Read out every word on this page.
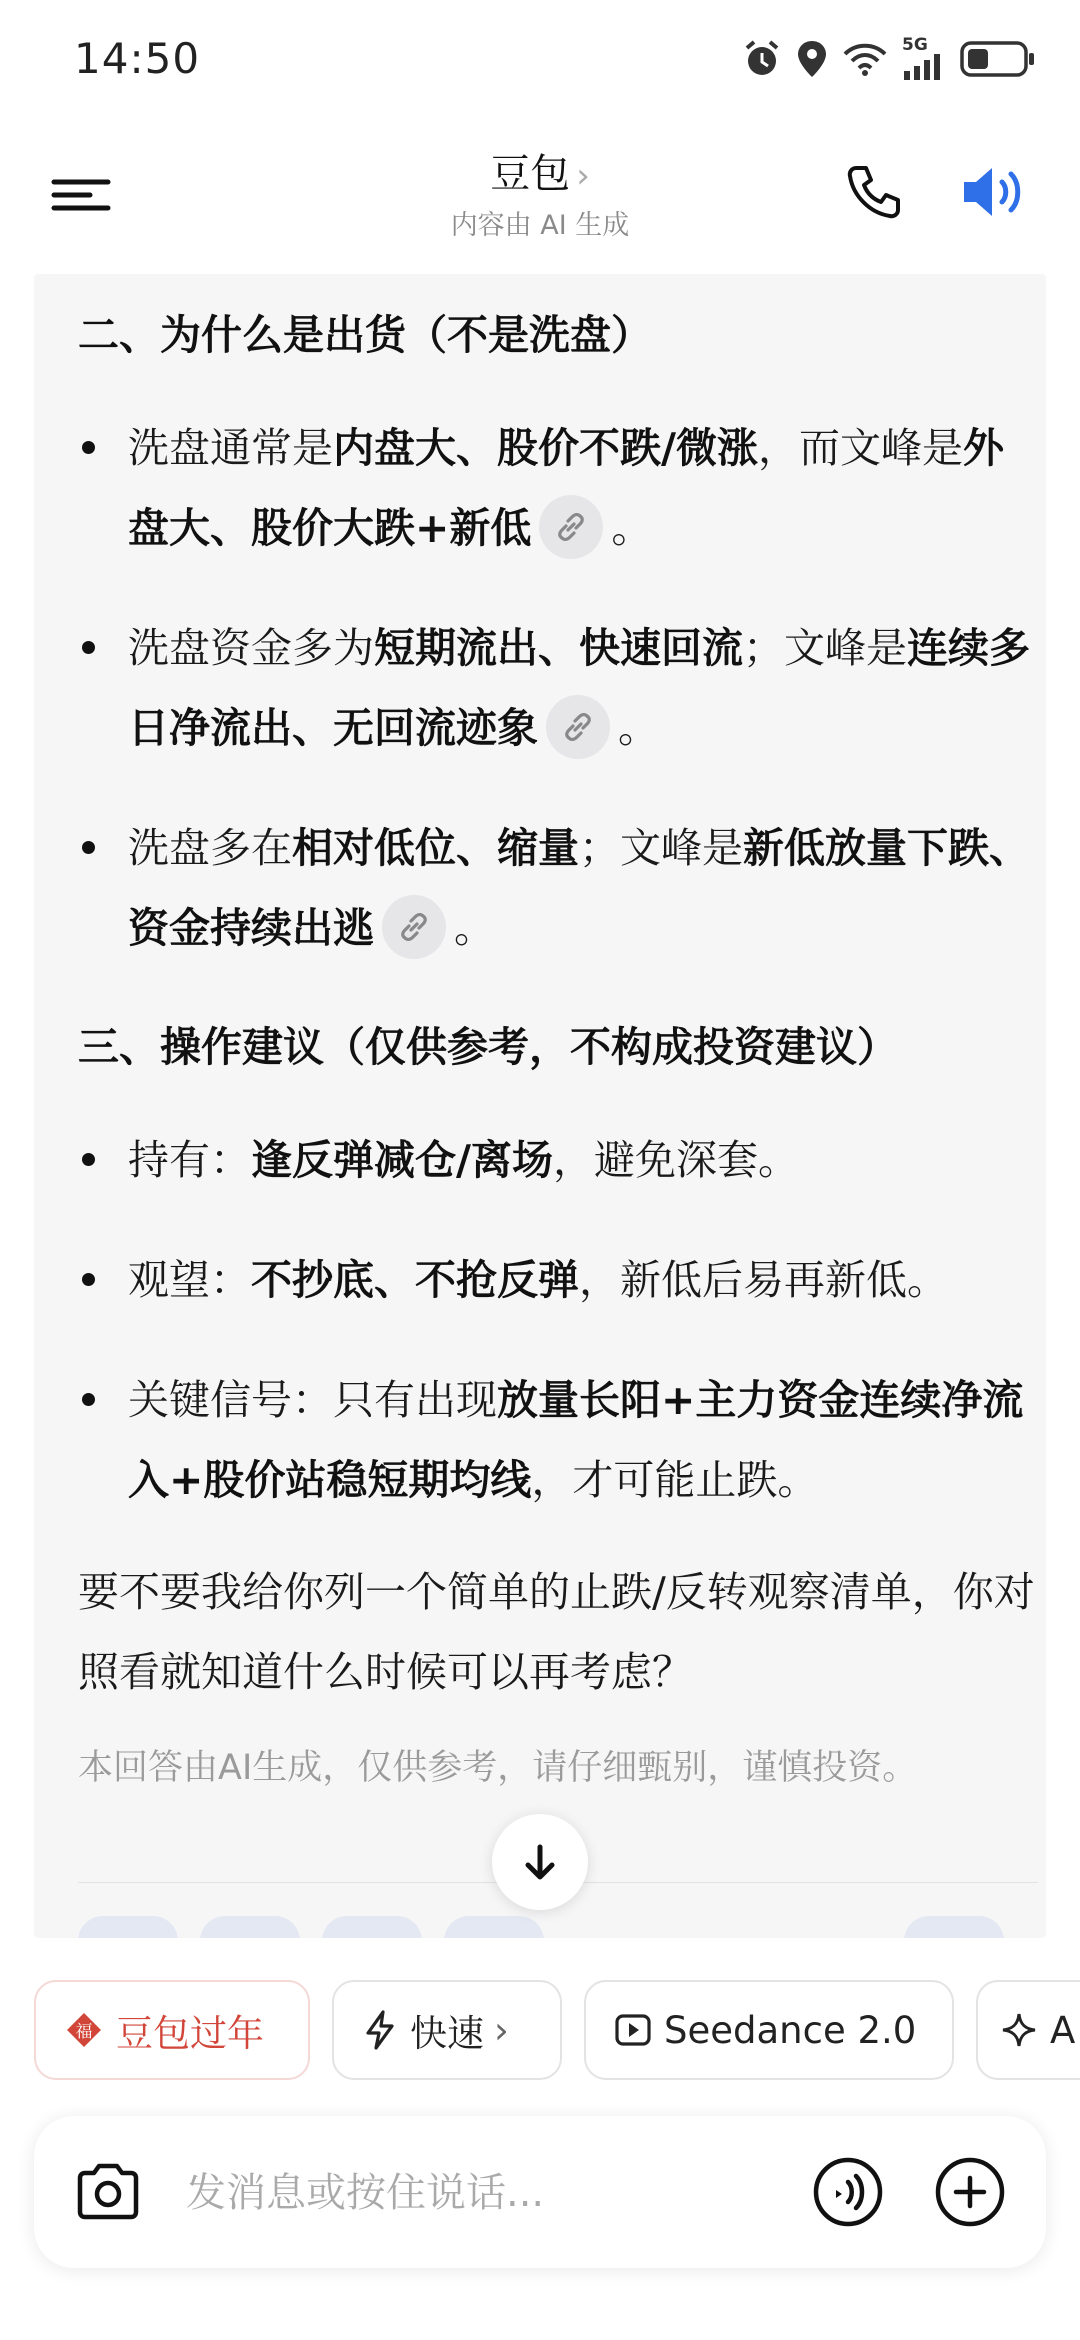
14:50	5G
豆包 ›
内容由 AI 生成
二、为什么是出货（不是洗盘）
洗盘通常是内盘大、股价不跌/微涨，而文峰是外盘大、股价大跌+新低 。
洗盘资金多为短期流出、快速回流；文峰是连续多日净流出、无回流迹象 。
洗盘多在相对低位、缩量；文峰是新低放量下跌、资金持续出逃 。
三、操作建议（仅供参考，不构成投资建议）
持有：逢反弹减仓/离场，避免深套。
观望：不抄底、不抢反弹，新低后易再新低。
关键信号：只有出现放量长阳+主力资金连续净流入+股价站稳短期均线，才可能止跌。
要不要我给你列一个简单的止跌/反转观察清单，你对照看就知道什么时候可以再考虑？
本回答由AI生成，仅供参考，请仔细甄别，谨慎投资。
福 豆包过年	快速 ›	Seedance 2.0	A
发消息或按住说话...
